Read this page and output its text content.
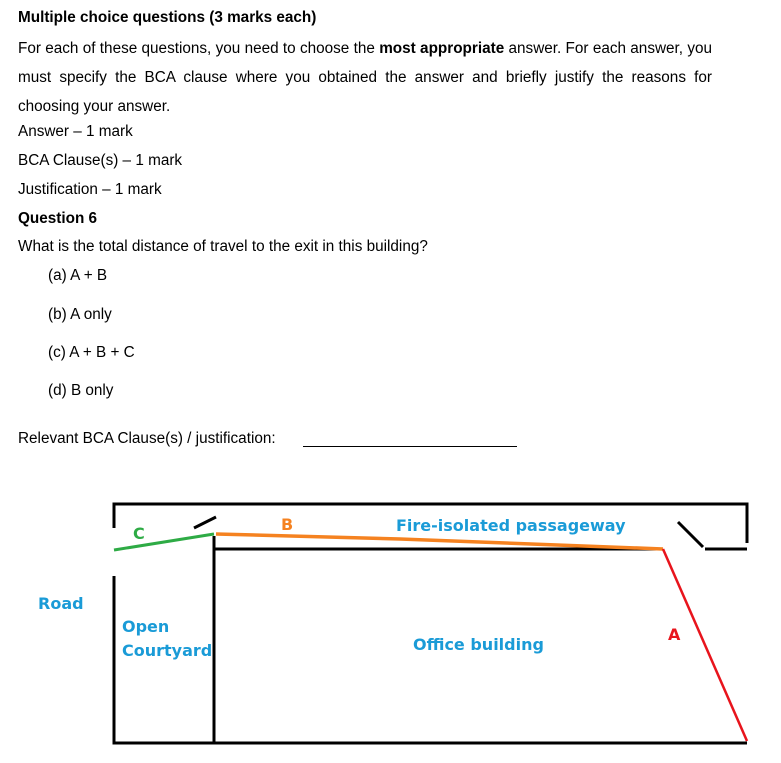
Multiple choice questions (3 marks each)
For each of these questions, you need to choose the most appropriate answer. For each answer, you must specify the BCA clause where you obtained the answer and briefly justify the reasons for choosing your answer.
Answer – 1 mark
BCA Clause(s) – 1 mark
Justification – 1 mark
Question 6
What is the total distance of travel to the exit in this building?
(a) A + B
(b) A only
(c) A + B + C
(d) B only
Relevant BCA Clause(s) / justification:
C	B
A
Fire-isolated passageway
Road
Open
Courtyard	Office building
